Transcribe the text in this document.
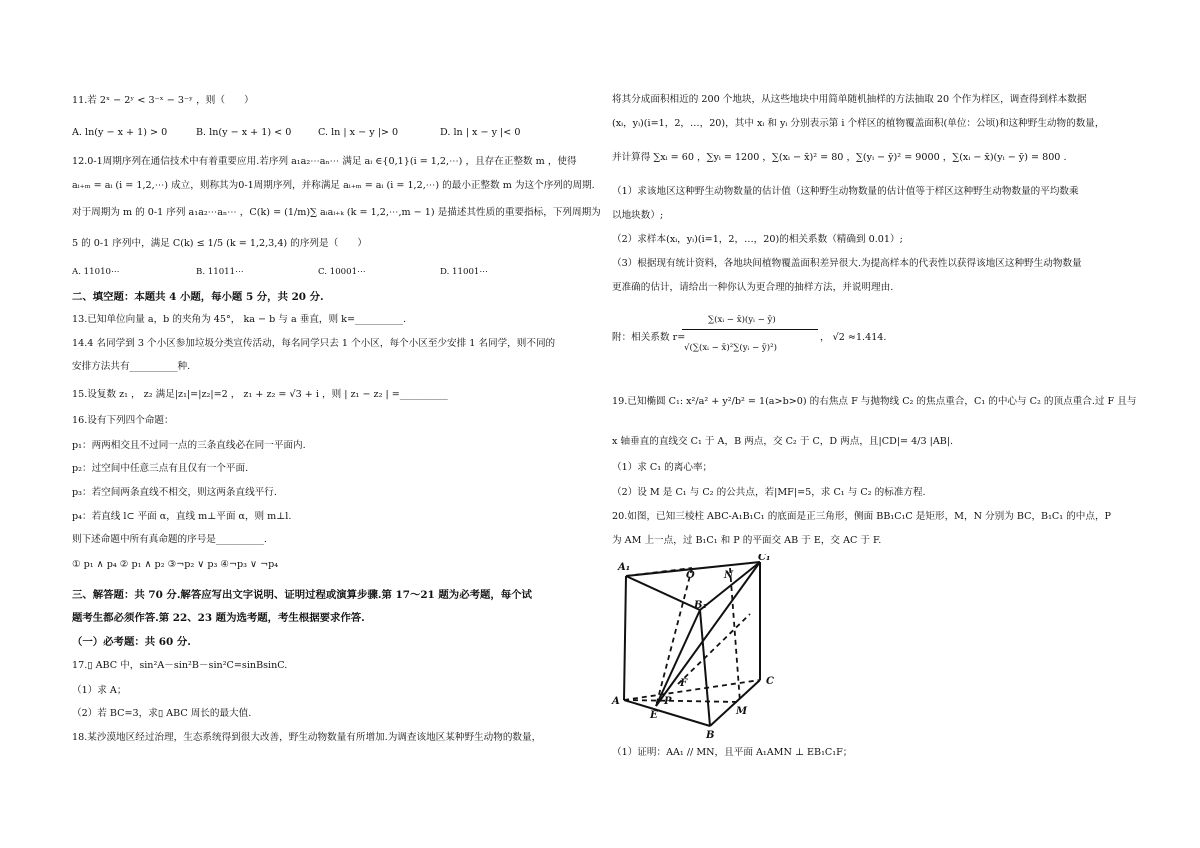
11.若 2ˣ − 2ʸ < 3⁻ˣ − 3⁻ʸ ，则（　　）
A. ln(y − x + 1) > 0	B. ln(y − x + 1) < 0	C. ln | x − y |> 0	D. ln | x − y |< 0
12.0-1周期序列在通信技术中有着重要应用.若序列 a₁a₂⋯aₙ⋯ 满足 aᵢ ∈{0,1}(i = 1,2,⋯) ，且存在正整数 m ，使得
aᵢ₊ₘ = aᵢ (i = 1,2,⋯) 成立，则称其为0-1周期序列，并称满足 aᵢ₊ₘ = aᵢ (i = 1,2,⋯) 的最小正整数 m 为这个序列的周期.
对于周期为 m 的 0-1 序列 a₁a₂⋯aₙ⋯ ，C(k) = (1/m)∑ aᵢaᵢ₊ₖ (k = 1,2,⋯,m − 1) 是描述其性质的重要指标，下列周期为
5 的 0-1 序列中，满足 C(k) ≤ 1/5 (k = 1,2,3,4) 的序列是（　　）
A. 11010⋯	B. 11011⋯	C. 10001⋯	D. 11001⋯
二、填空题：本题共 4 小题，每小题 5 分，共 20 分.
13.已知单位向量 a，b 的夹角为 45°， ka − b 与 a 垂直，则 k=__________.
14.4 名同学到 3 个小区参加垃圾分类宣传活动，每名同学只去 1 个小区，每个小区至少安排 1 名同学，则不同的
安排方法共有__________种.
15.设复数 z₁ ， z₂ 满足|z₁|=|z₂|=2 ， z₁ + z₂ = √3 + i ，则 | z₁ − z₂ | =__________
16.设有下列四个命题：
p₁：两两相交且不过同一点的三条直线必在同一平面内.
p₂：过空间中任意三点有且仅有一个平面.
p₃：若空间两条直线不相交，则这两条直线平行.
p₄：若直线 l⊂ 平面 α，直线 m⊥平面 α，则 m⊥l.
则下述命题中所有真命题的序号是__________.
① p₁ ∧ p₄ ② p₁ ∧ p₂ ③¬p₂ ∨ p₃ ④¬p₃ ∨ ¬p₄
三、解答题：共 70 分.解答应写出文字说明、证明过程或演算步骤.第 17～21 题为必考题，每个试
题考生都必须作答.第 22、23 题为选考题，考生根据要求作答.
（一）必考题：共 60 分.
17.▯ ABC 中，sin²A－sin²B－sin²C=sinBsinC.
（1）求 A；
（2）若 BC=3，求▯ ABC 周长的最大值.
18.某沙漠地区经过治理，生态系统得到很大改善，野生动物数量有所增加.为调查该地区某种野生动物的数量，
将其分成面积相近的 200 个地块，从这些地块中用简单随机抽样的方法抽取 20 个作为样区，调查得到样本数据
(xᵢ，yᵢ)(i=1，2，…，20)，其中 xᵢ 和 yᵢ 分别表示第 i 个样区的植物覆盖面积(单位：公顷)和这种野生动物的数量，
并计算得 ∑xᵢ = 60 ，∑yᵢ = 1200 ，∑(xᵢ − x̄)² = 80 ，∑(yᵢ − ȳ)² = 9000 ，∑(xᵢ − x̄)(yᵢ − ȳ) = 800 .
（1）求该地区这种野生动物数量的估计值（这种野生动物数量的估计值等于样区这种野生动物数量的平均数乘
以地块数）;
（2）求样本(xᵢ，yᵢ)(i=1，2，…，20)的相关系数（精确到 0.01）;
（3）根据现有统计资料，各地块间植物覆盖面积差异很大.为提高样本的代表性以获得该地区这种野生动物数量
更准确的估计，请给出一种你认为更合理的抽样方法，并说明理由.
附：相关系数 r=
∑(xᵢ − x̄)(yᵢ − ȳ)
√(∑(xᵢ − x̄)²∑(yᵢ − ȳ)²)
， √2 ≈1.414.
19.已知椭圆 C₁: x²/a² + y²/b² = 1(a>b>0) 的右焦点 F 与抛物线 C₂ 的焦点重合，C₁ 的中心与 C₂ 的顶点重合.过 F 且与
x 轴垂直的直线交 C₁ 于 A，B 两点，交 C₂ 于 C，D 两点，且|CD|= 4/3 |AB|.
（1）求 C₁ 的离心率；
（2）设 M 是 C₁ 与 C₂ 的公共点，若|MF|=5，求 C₁ 与 C₂ 的标准方程.
20.如图，已知三棱柱 ABC-A₁B₁C₁ 的底面是正三角形，侧面 BB₁C₁C 是矩形，M，N 分别为 BC，B₁C₁ 的中点，P
为 AM 上一点，过 B₁C₁ 和 P 的平面交 AB 于 E，交 AC 于 F.
（1）证明：AA₁ // MN，且平面 A₁AMN ⊥ EB₁C₁F；
A₁
O	N
C₁
B₁
F	C
A	P
E	M
B
